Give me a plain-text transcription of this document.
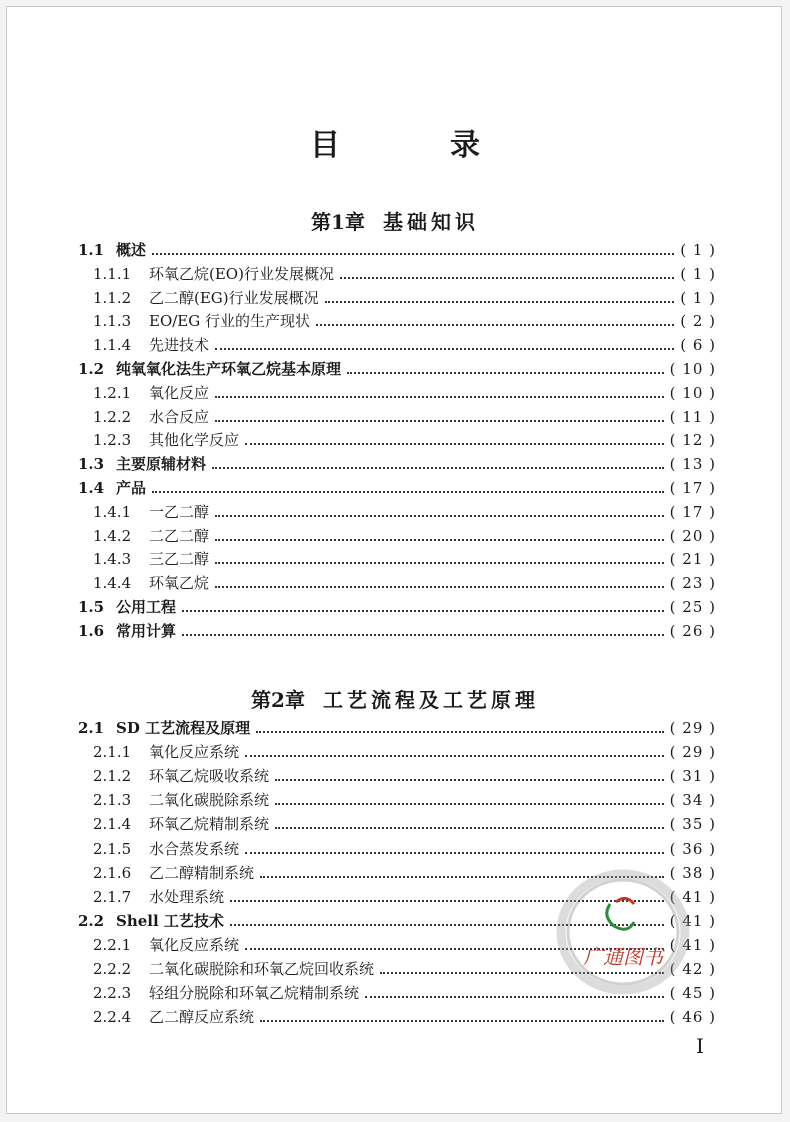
目　录
第1章 基础知识
1.1 概述	( 1 )
1.1.1	环氧乙烷(EO)行业发展概况	( 1 )
1.1.2	乙二醇(EG)行业发展概况	( 1 )
1.1.3	EO/EG 行业的生产现状	( 2 )
1.1.4	先进技术	( 6 )
1.2 纯氧氧化法生产环氧乙烷基本原理	( 10 )
1.2.1	氧化反应	( 10 )
1.2.2	水合反应	( 11 )
1.2.3	其他化学反应	( 12 )
1.3 主要原辅材料	( 13 )
1.4 产品	( 17 )
1.4.1	一乙二醇	( 17 )
1.4.2	二乙二醇	( 20 )
1.4.3	三乙二醇	( 21 )
1.4.4	环氧乙烷	( 23 )
1.5 公用工程	( 25 )
1.6 常用计算	( 26 )
第2章 工艺流程及工艺原理
2.1 SD 工艺流程及原理	( 29 )
2.1.1	氧化反应系统	( 29 )
2.1.2	环氧乙烷吸收系统	( 31 )
2.1.3	二氧化碳脱除系统	( 34 )
2.1.4	环氧乙烷精制系统	( 35 )
2.1.5	水合蒸发系统	( 36 )
2.1.6	乙二醇精制系统	( 38 )
2.1.7	水处理系统	( 41 )
2.2 Shell 工艺技术	( 41 )
2.2.1	氧化反应系统	( 41 )
2.2.2	二氧化碳脱除和环氧乙烷回收系统	( 42 )
2.2.3	轻组分脱除和环氧乙烷精制系统	( 45 )
2.2.4	乙二醇反应系统	( 46 )
广通图书
I
